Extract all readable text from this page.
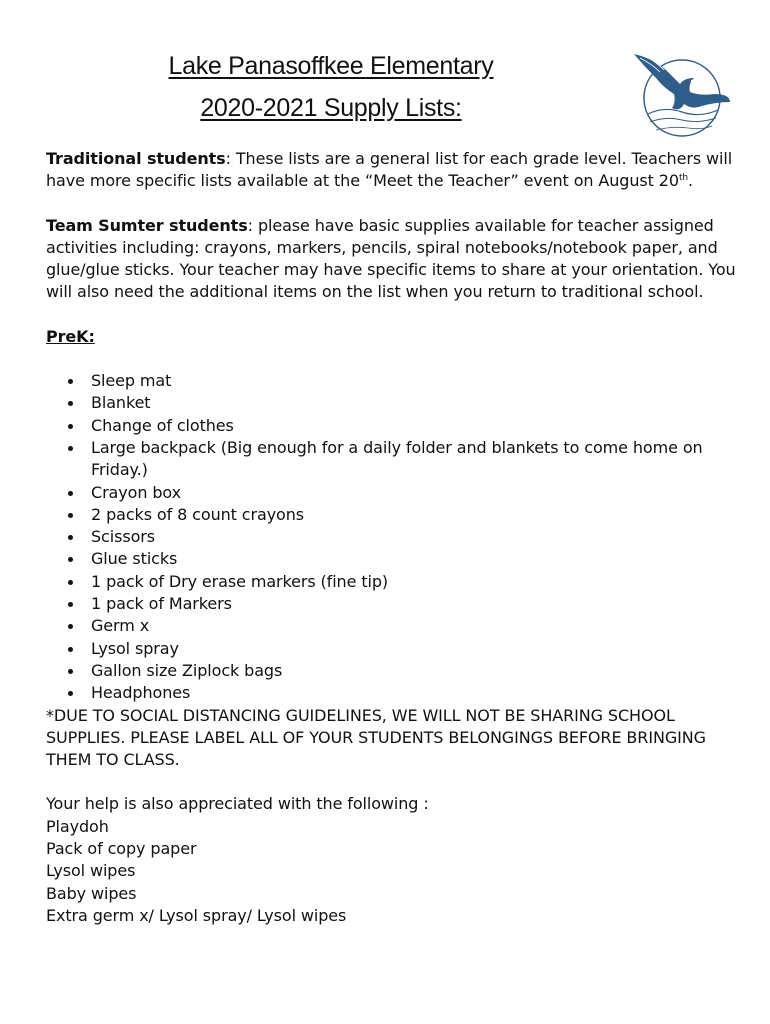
Lake Panasoffkee Elementary
2020-2021 Supply Lists:

Traditional students: These lists are a general list for each grade level. Teachers will have more specific lists available at the “Meet the Teacher” event on August 20th.

Team Sumter students: please have basic supplies available for teacher assigned activities including: crayons, markers, pencils, spiral notebooks/notebook paper, and glue/glue sticks. Your teacher may have specific items to share at your orientation. You will also need the additional items on the list when you return to traditional school.

PreK:

Sleep mat
Blanket
Change of clothes
Large backpack (Big enough for a daily folder and blankets to come home on Friday.)
Crayon box
2 packs of 8 count crayons
Scissors
Glue sticks
1 pack of Dry erase markers (fine tip)
1 pack of Markers
Germ x
Lysol spray
Gallon size Ziplock bags
Headphones

*DUE TO SOCIAL DISTANCING GUIDELINES, WE WILL NOT BE SHARING SCHOOL SUPPLIES. PLEASE LABEL ALL OF YOUR STUDENTS BELONGINGS BEFORE BRINGING THEM TO CLASS.

Your help is also appreciated with the following :

Playdoh

Pack of copy paper

Lysol wipes

Baby wipes

Extra germ x/ Lysol spray/ Lysol wipes
